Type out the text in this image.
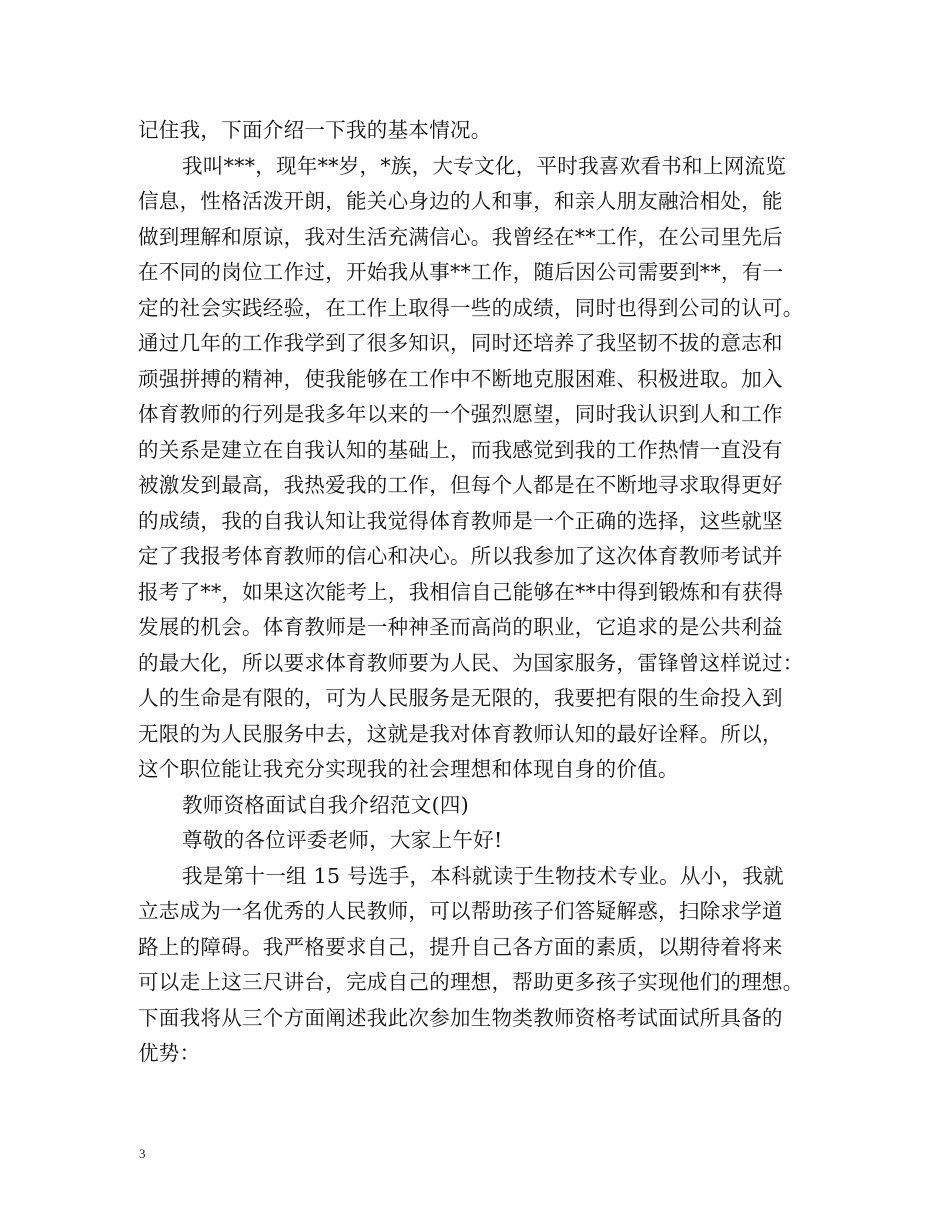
记住我，下面介绍一下我的基本情况。
我叫***，现年**岁，*族，大专文化，平时我喜欢看书和上网流览
信息，性格活泼开朗，能关心身边的人和事，和亲人朋友融洽相处，能
做到理解和原谅，我对生活充满信心。我曾经在**工作，在公司里先后
在不同的岗位工作过，开始我从事**工作，随后因公司需要到**，有一
定的社会实践经验，在工作上取得一些的成绩，同时也得到公司的认可。
通过几年的工作我学到了很多知识，同时还培养了我坚韧不拔的意志和
顽强拼搏的精神，使我能够在工作中不断地克服困难、积极进取。加入
体育教师的行列是我多年以来的一个强烈愿望，同时我认识到人和工作
的关系是建立在自我认知的基础上，而我感觉到我的工作热情一直没有
被激发到最高，我热爱我的工作，但每个人都是在不断地寻求取得更好
的成绩，我的自我认知让我觉得体育教师是一个正确的选择，这些就坚
定了我报考体育教师的信心和决心。所以我参加了这次体育教师考试并
报考了**，如果这次能考上，我相信自己能够在**中得到锻炼和有获得
发展的机会。体育教师是一种神圣而高尚的职业，它追求的是公共利益
的最大化，所以要求体育教师要为人民、为国家服务，雷锋曾这样说过：
人的生命是有限的，可为人民服务是无限的，我要把有限的生命投入到
无限的为人民服务中去，这就是我对体育教师认知的最好诠释。所以，
这个职位能让我充分实现我的社会理想和体现自身的价值。
教师资格面试自我介绍范文(四)
尊敬的各位评委老师，大家上午好!
我是第十一组 15 号选手，本科就读于生物技术专业。从小，我就
立志成为一名优秀的人民教师，可以帮助孩子们答疑解惑，扫除求学道
路上的障碍。我严格要求自己，提升自己各方面的素质，以期待着将来
可以走上这三尺讲台，完成自己的理想，帮助更多孩子实现他们的理想。
下面我将从三个方面阐述我此次参加生物类教师资格考试面试所具备的
优势：
3
